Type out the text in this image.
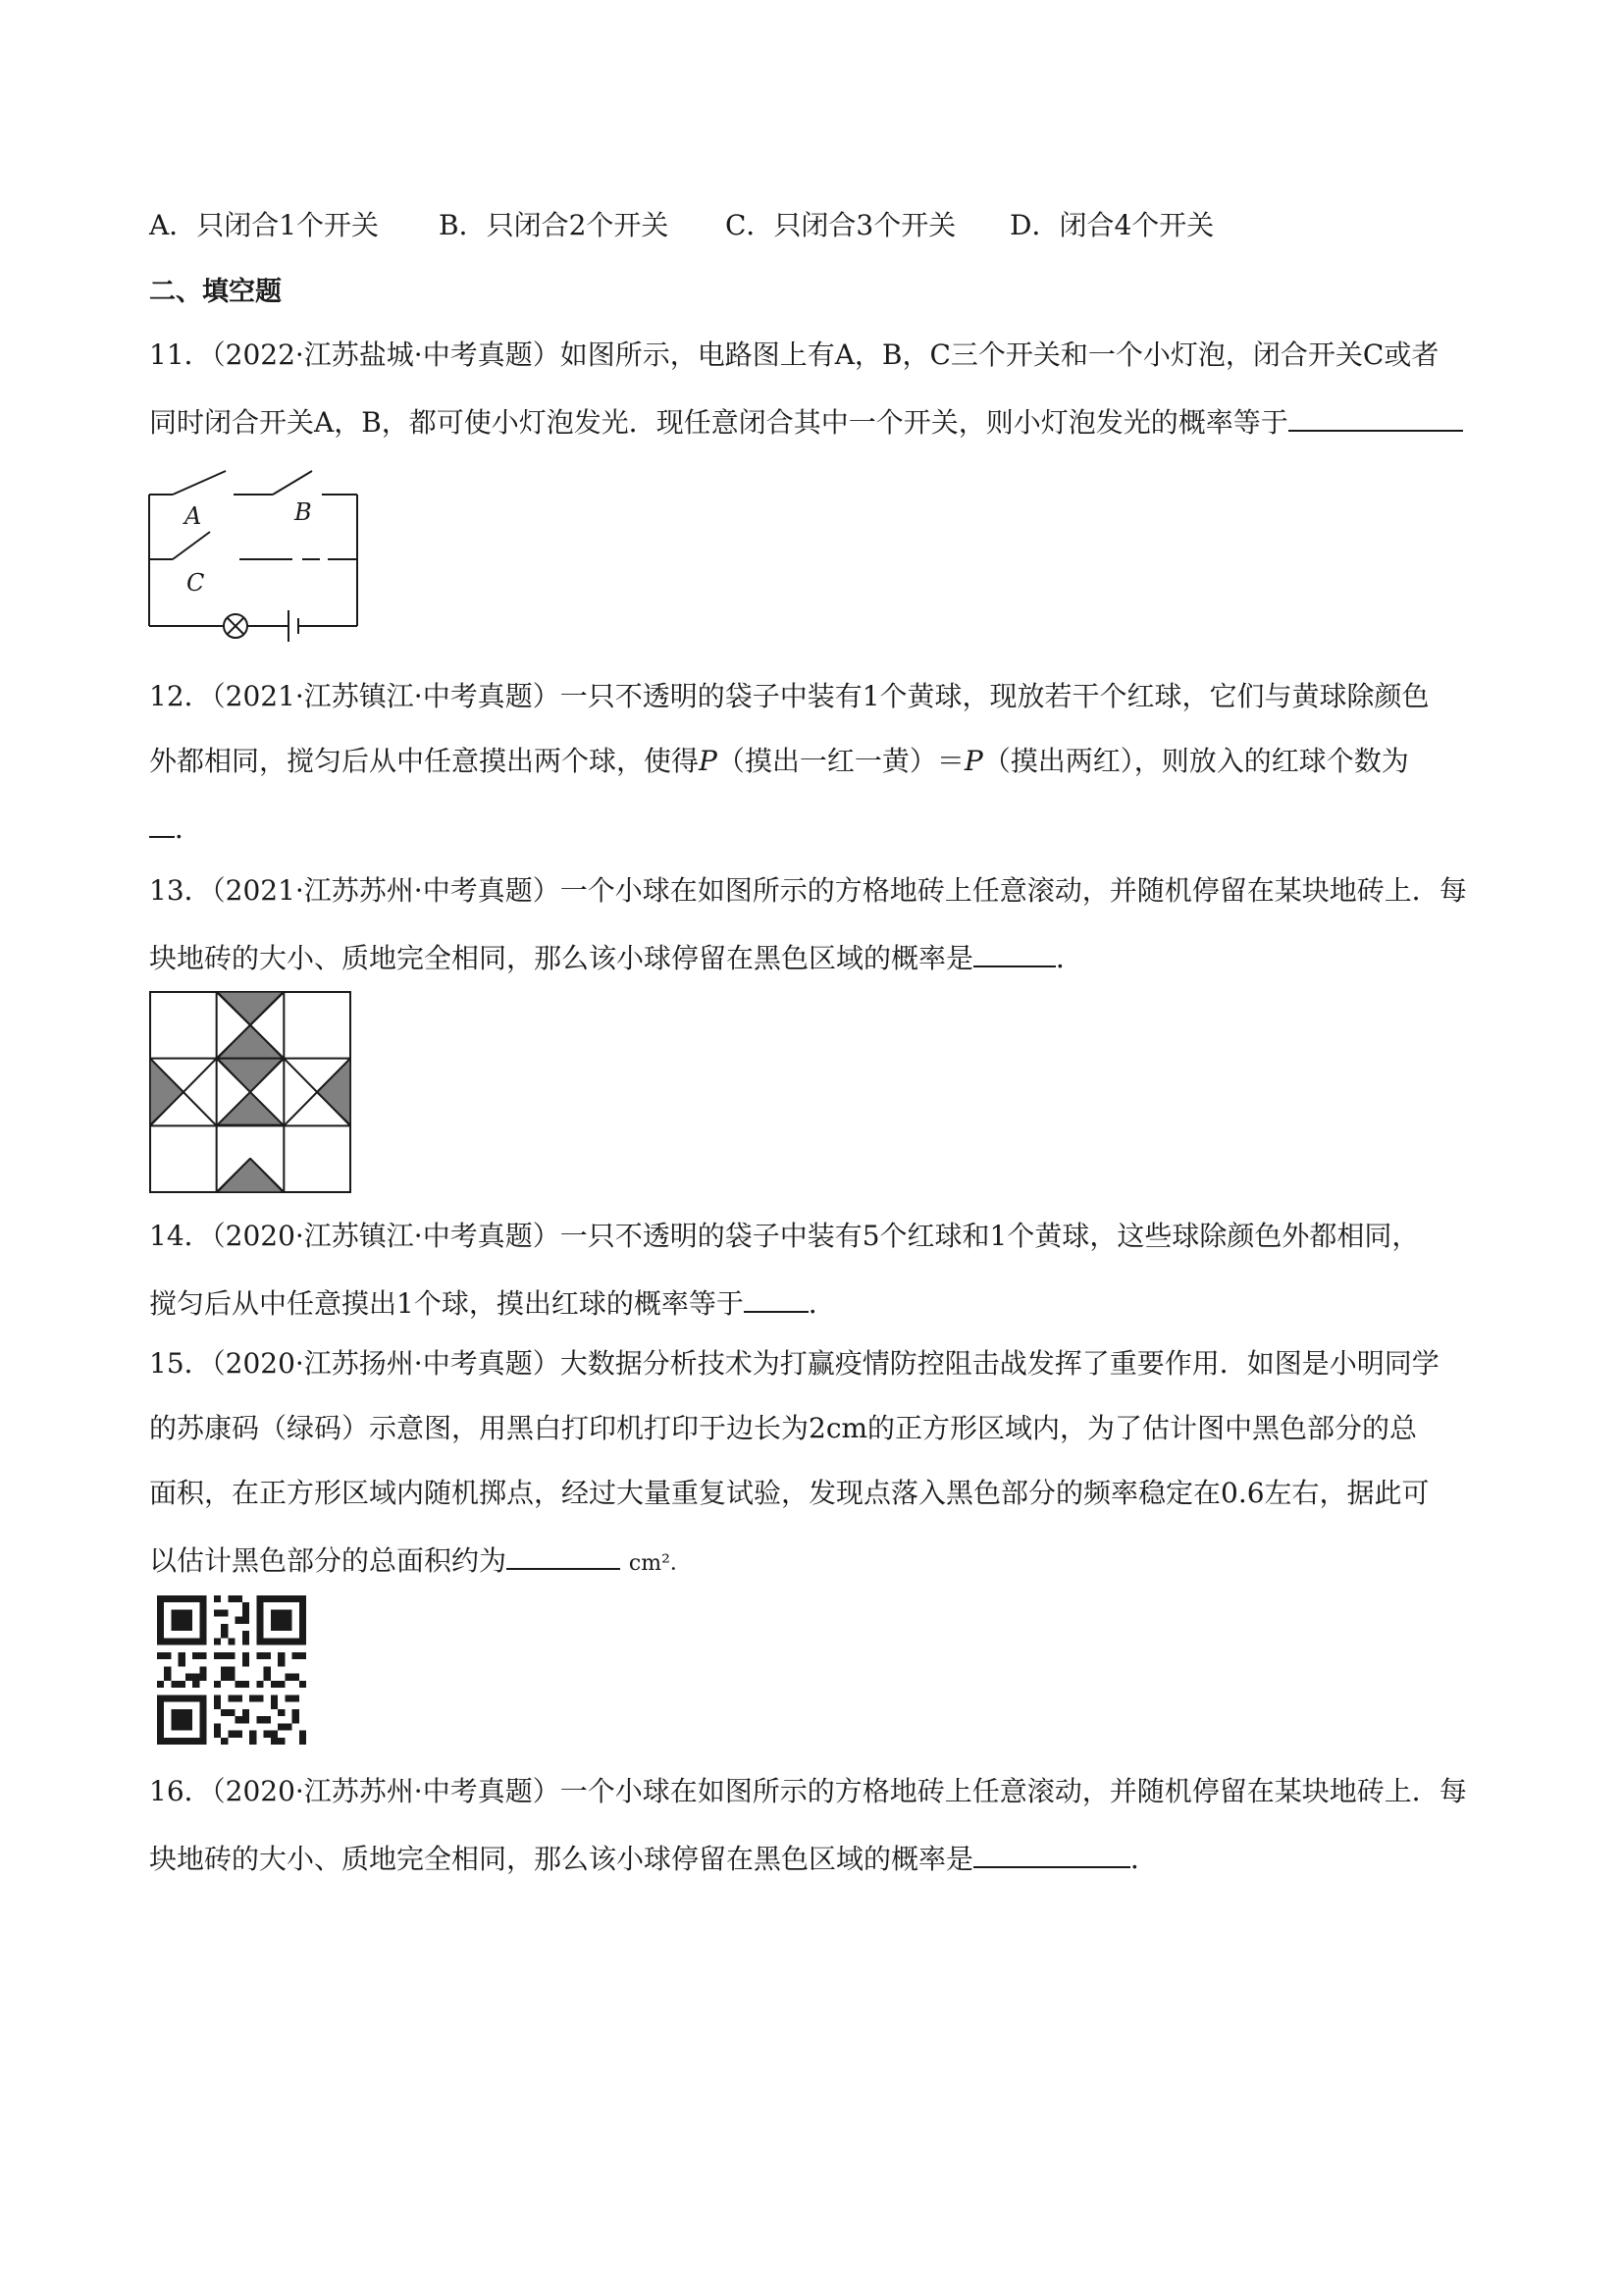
A．只闭合1个开关 B．只闭合2个开关 C．只闭合3个开关 D．闭合4个开关
二、填空题
11．（2022·江苏盐城·中考真题）如图所示，电路图上有A，B，C三个开关和一个小灯泡，闭合开关C或者
同时闭合开关A，B，都可使小灯泡发光．现任意闭合其中一个开关，则小灯泡发光的概率等于
A	B
C
12．（2021·江苏镇江·中考真题）一只不透明的袋子中装有1个黄球，现放若干个红球，它们与黄球除颜色
外都相同，搅匀后从中任意摸出两个球，使得P（摸出一红一黄）＝P（摸出两红），则放入的红球个数为
．
13．（2021·江苏苏州·中考真题）一个小球在如图所示的方格地砖上任意滚动，并随机停留在某块地砖上．每
块地砖的大小、质地完全相同，那么该小球停留在黑色区域的概率是	．
14．（2020·江苏镇江·中考真题）一只不透明的袋子中装有5个红球和1个黄球，这些球除颜色外都相同，
搅匀后从中任意摸出1个球，摸出红球的概率等于 ．
15．（2020·江苏扬州·中考真题）大数据分析技术为打赢疫情防控阻击战发挥了重要作用．如图是小明同学
的苏康码（绿码）示意图，用黑白打印机打印于边长为2cm的正方形区域内，为了估计图中黑色部分的总
面积，在正方形区域内随机掷点，经过大量重复试验，发现点落入黑色部分的频率稳定在0.6左右，据此可
以估计黑色部分的总面积约为	cm²．
16．（2020·江苏苏州·中考真题）一个小球在如图所示的方格地砖上任意滚动，并随机停留在某块地砖上．每
块地砖的大小、质地完全相同，那么该小球停留在黑色区域的概率是	．
